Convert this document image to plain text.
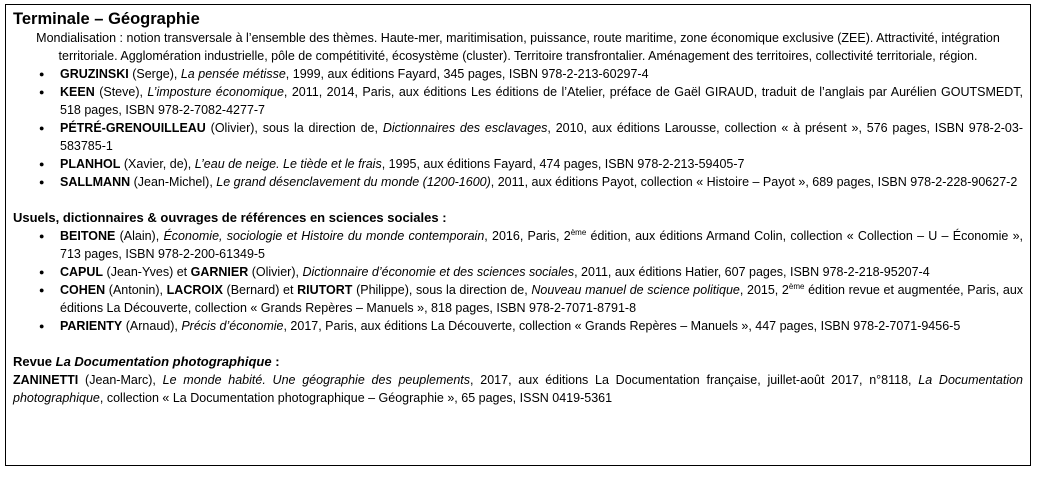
Terminale – Géographie

Mondialisation : notion transversale à l’ensemble des thèmes. Haute-mer, maritimisation, puissance, route maritime, zone économique exclusive (ZEE). Attractivité, intégration territoriale. Agglomération industrielle, pôle de compétitivité, écosystème (cluster). Territoire transfrontalier. Aménagement des territoires, collectivité territoriale, région.

● GRUZINSKI (Serge), La pensée métisse, 1999, aux éditions Fayard, 345 pages, ISBN 978-2-213-60297-4
● KEEN (Steve), L’imposture économique, 2011, 2014, Paris, aux éditions Les éditions de l’Atelier, préface de Gaël GIRAUD, traduit de l’anglais par Aurélien GOUTSMEDT, 518 pages, ISBN 978-2-7082-4277-7
● PÉTRÉ-GRENOUILLEAU (Olivier), sous la direction de, Dictionnaires des esclavages, 2010, aux éditions Larousse, collection « à présent », 576 pages, ISBN 978-2-03-583785-1
● PLANHOL (Xavier, de), L’eau de neige. Le tiède et le frais, 1995, aux éditions Fayard, 474 pages, ISBN 978-2-213-59405-7
● SALLMANN (Jean-Michel), Le grand désenclavement du monde (1200-1600), 2011, aux éditions Payot, collection « Histoire – Payot », 689 pages, ISBN 978-2-228-90627-2

Usuels, dictionnaires & ouvrages de références en sciences sociales :

● BEITONE (Alain), Économie, sociologie et Histoire du monde contemporain, 2016, Paris, 2ème édition, aux éditions Armand Colin, collection « Collection – U – Économie », 713 pages, ISBN 978-2-200-61349-5
● CAPUL (Jean-Yves) et GARNIER (Olivier), Dictionnaire d’économie et des sciences sociales, 2011, aux éditions Hatier, 607 pages, ISBN 978-2-218-95207-4
● COHEN (Antonin), LACROIX (Bernard) et RIUTORT (Philippe), sous la direction de, Nouveau manuel de science politique, 2015, 2ème édition revue et augmentée, Paris, aux éditions La Découverte, collection « Grands Repères – Manuels », 818 pages, ISBN 978-2-7071-8791-8
● PARIENTY (Arnaud), Précis d’économie, 2017, Paris, aux éditions La Découverte, collection « Grands Repères – Manuels », 447 pages, ISBN 978-2-7071-9456-5

Revue La Documentation photographique :

ZANINETTI (Jean-Marc), Le monde habité. Une géographie des peuplements, 2017, aux éditions La Documentation française, juillet-août 2017, n°8118, La Documentation photographique, collection « La Documentation photographique – Géographie », 65 pages, ISSN 0419-5361
